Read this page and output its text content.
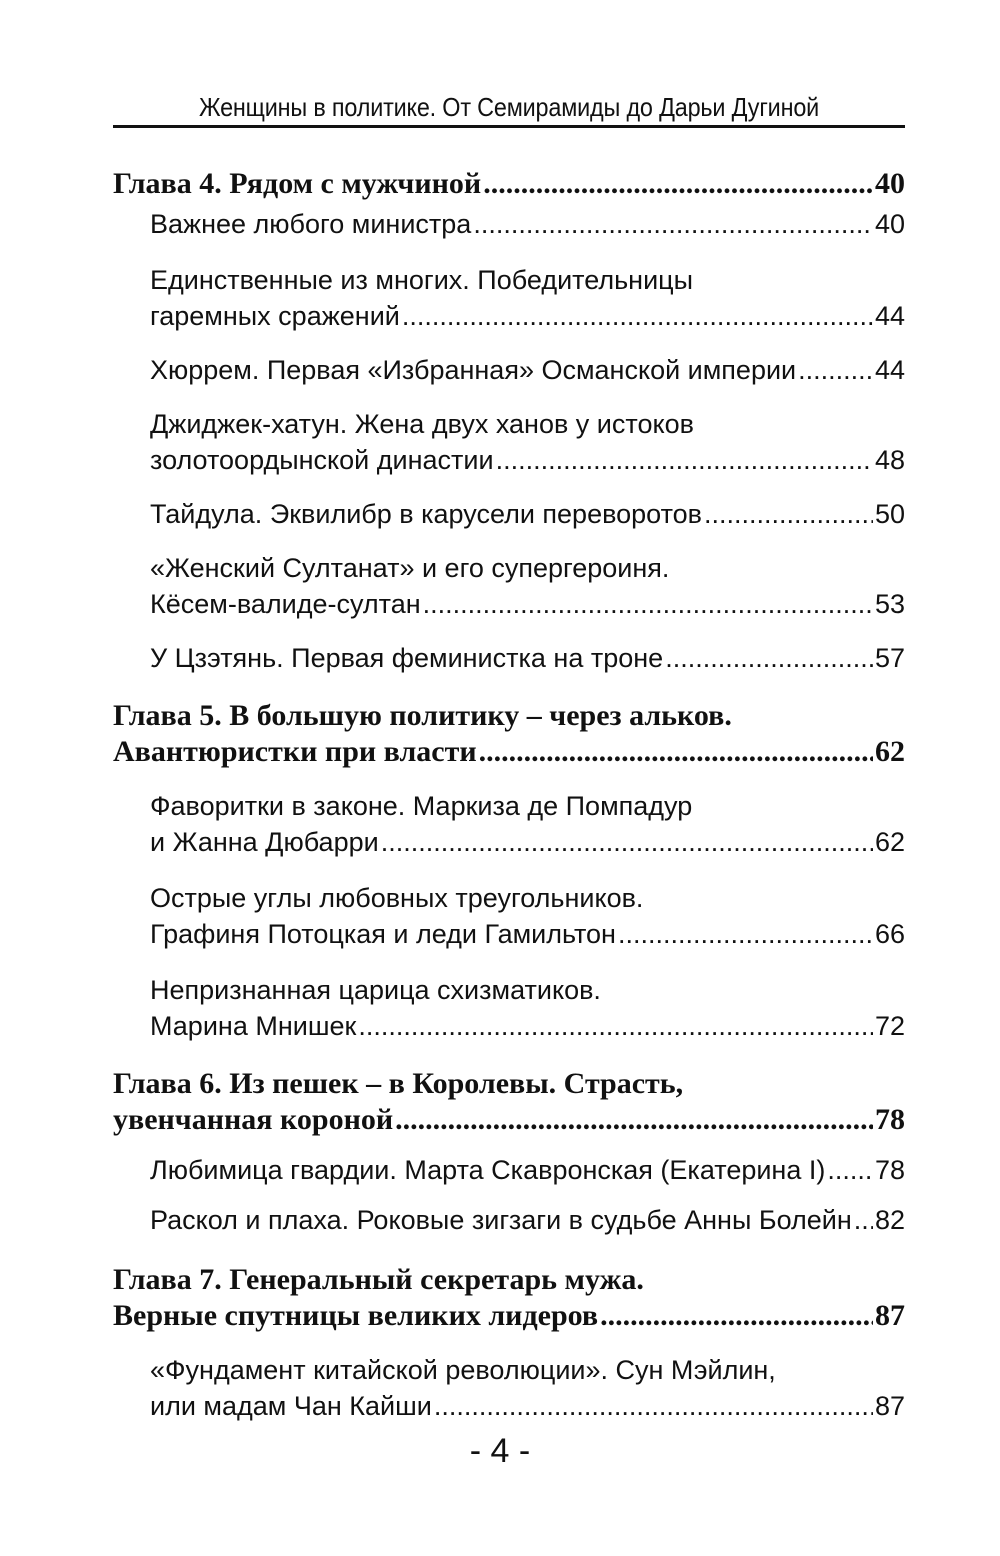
Женщины в политике. От Семирамиды до Дарьи Дугиной
Глава 4. Рядом с мужчиной .....	40
Важнее любого министра .....	40
Единственные из многих. Победительницы
гаремных сражений .....	44
Хюррем. Первая «Избранная» Османской империи .....	44
Джиджек-хатун. Жена двух ханов у истоков
золотоордынской династии .....	48
Тайдула. Эквилибр в карусели переворотов .....	50
«Женский Султанат» и его супергероиня.
Кёсем-валиде-султан .....	53
У Цзэтянь. Первая феминистка на троне .....	57
Глава 5. В большую политику – через альков.
Авантюристки при власти .....	62
Фаворитки в законе. Маркиза де Помпадур
и Жанна Дюбарри .....	62
Острые углы любовных треугольников.
Графиня Потоцкая и леди Гамильтон .....	66
Непризнанная царица схизматиков.
Марина Мнишек .....	72
Глава 6. Из пешек – в Королевы. Страсть,
увенчанная короной .....	78
Любимица гвардии. Марта Скавронская (Екатерина I) ..... 78
Раскол и плаха. Роковые зигзаги в судьбе Анны Болейн ..... 82
Глава 7. Генеральный секретарь мужа.
Верные спутницы великих лидеров .....	87
«Фундамент китайской революции». Сун Мэйлин,
или мадам Чан Кайши .....	87
- 4 -
